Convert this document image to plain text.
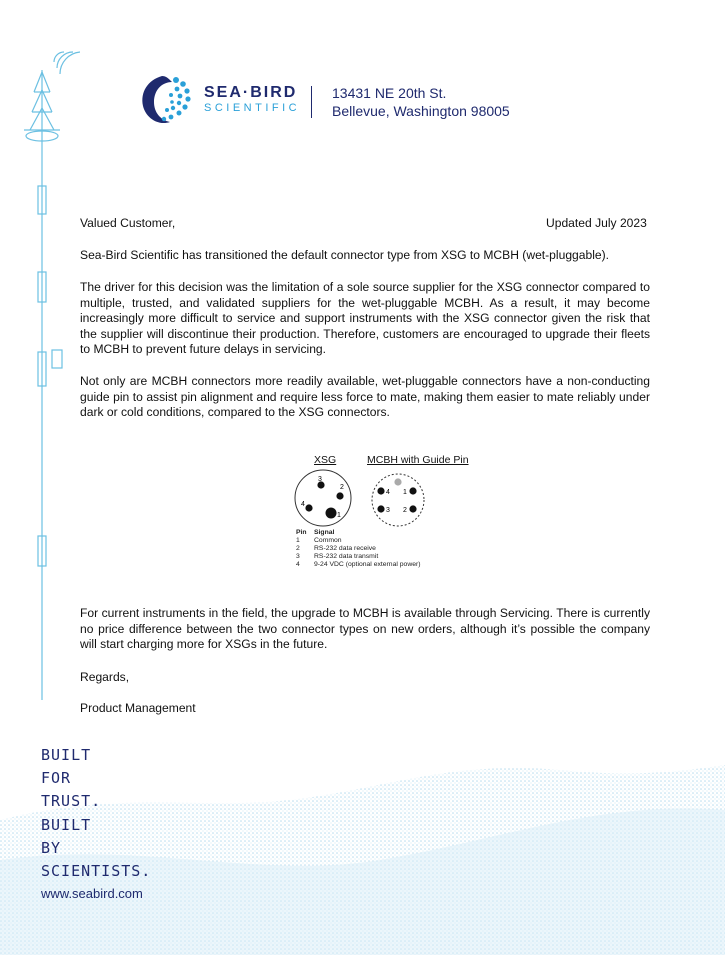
SEA·BIRD
SCIENTIFIC
13431 NE 20th St.
Bellevue, Washington 98005
Valued Customer,	Updated July 2023
Sea-Bird Scientific has transitioned the default connector type from XSG to MCBH (wet-pluggable).
The driver for this decision was the limitation of a sole source supplier for the XSG connector compared to multiple, trusted, and validated suppliers for the wet-pluggable MCBH. As a result, it may become increasingly more difficult to service and support instruments with the XSG connector given the risk that the supplier will discontinue their production. Therefore, customers are encouraged to upgrade their fleets to MCBH to prevent future delays in servicing.
Not only are MCBH connectors more readily available, wet-pluggable connectors have a non-conducting guide pin to assist pin alignment and require less force to mate, making them easier to mate reliably under dark or cold conditions, compared to the XSG connectors.
XSG	MCBH with Guide Pin
3
2
4
1
4 1
3 2
Pin	Signal
1	Common
2	RS-232 data receive
3	RS-232 data transmit
4	9-24 VDC (optional external power)
For current instruments in the field, the upgrade to MCBH is available through Servicing. There is currently no price difference between the two connector types on new orders, although it’s possible the company will start charging more for XSGs in the future.
Regards,
Product Management
BUILT
FOR
TRUST.
BUILT
BY
SCIENTISTS.
www.seabird.com
